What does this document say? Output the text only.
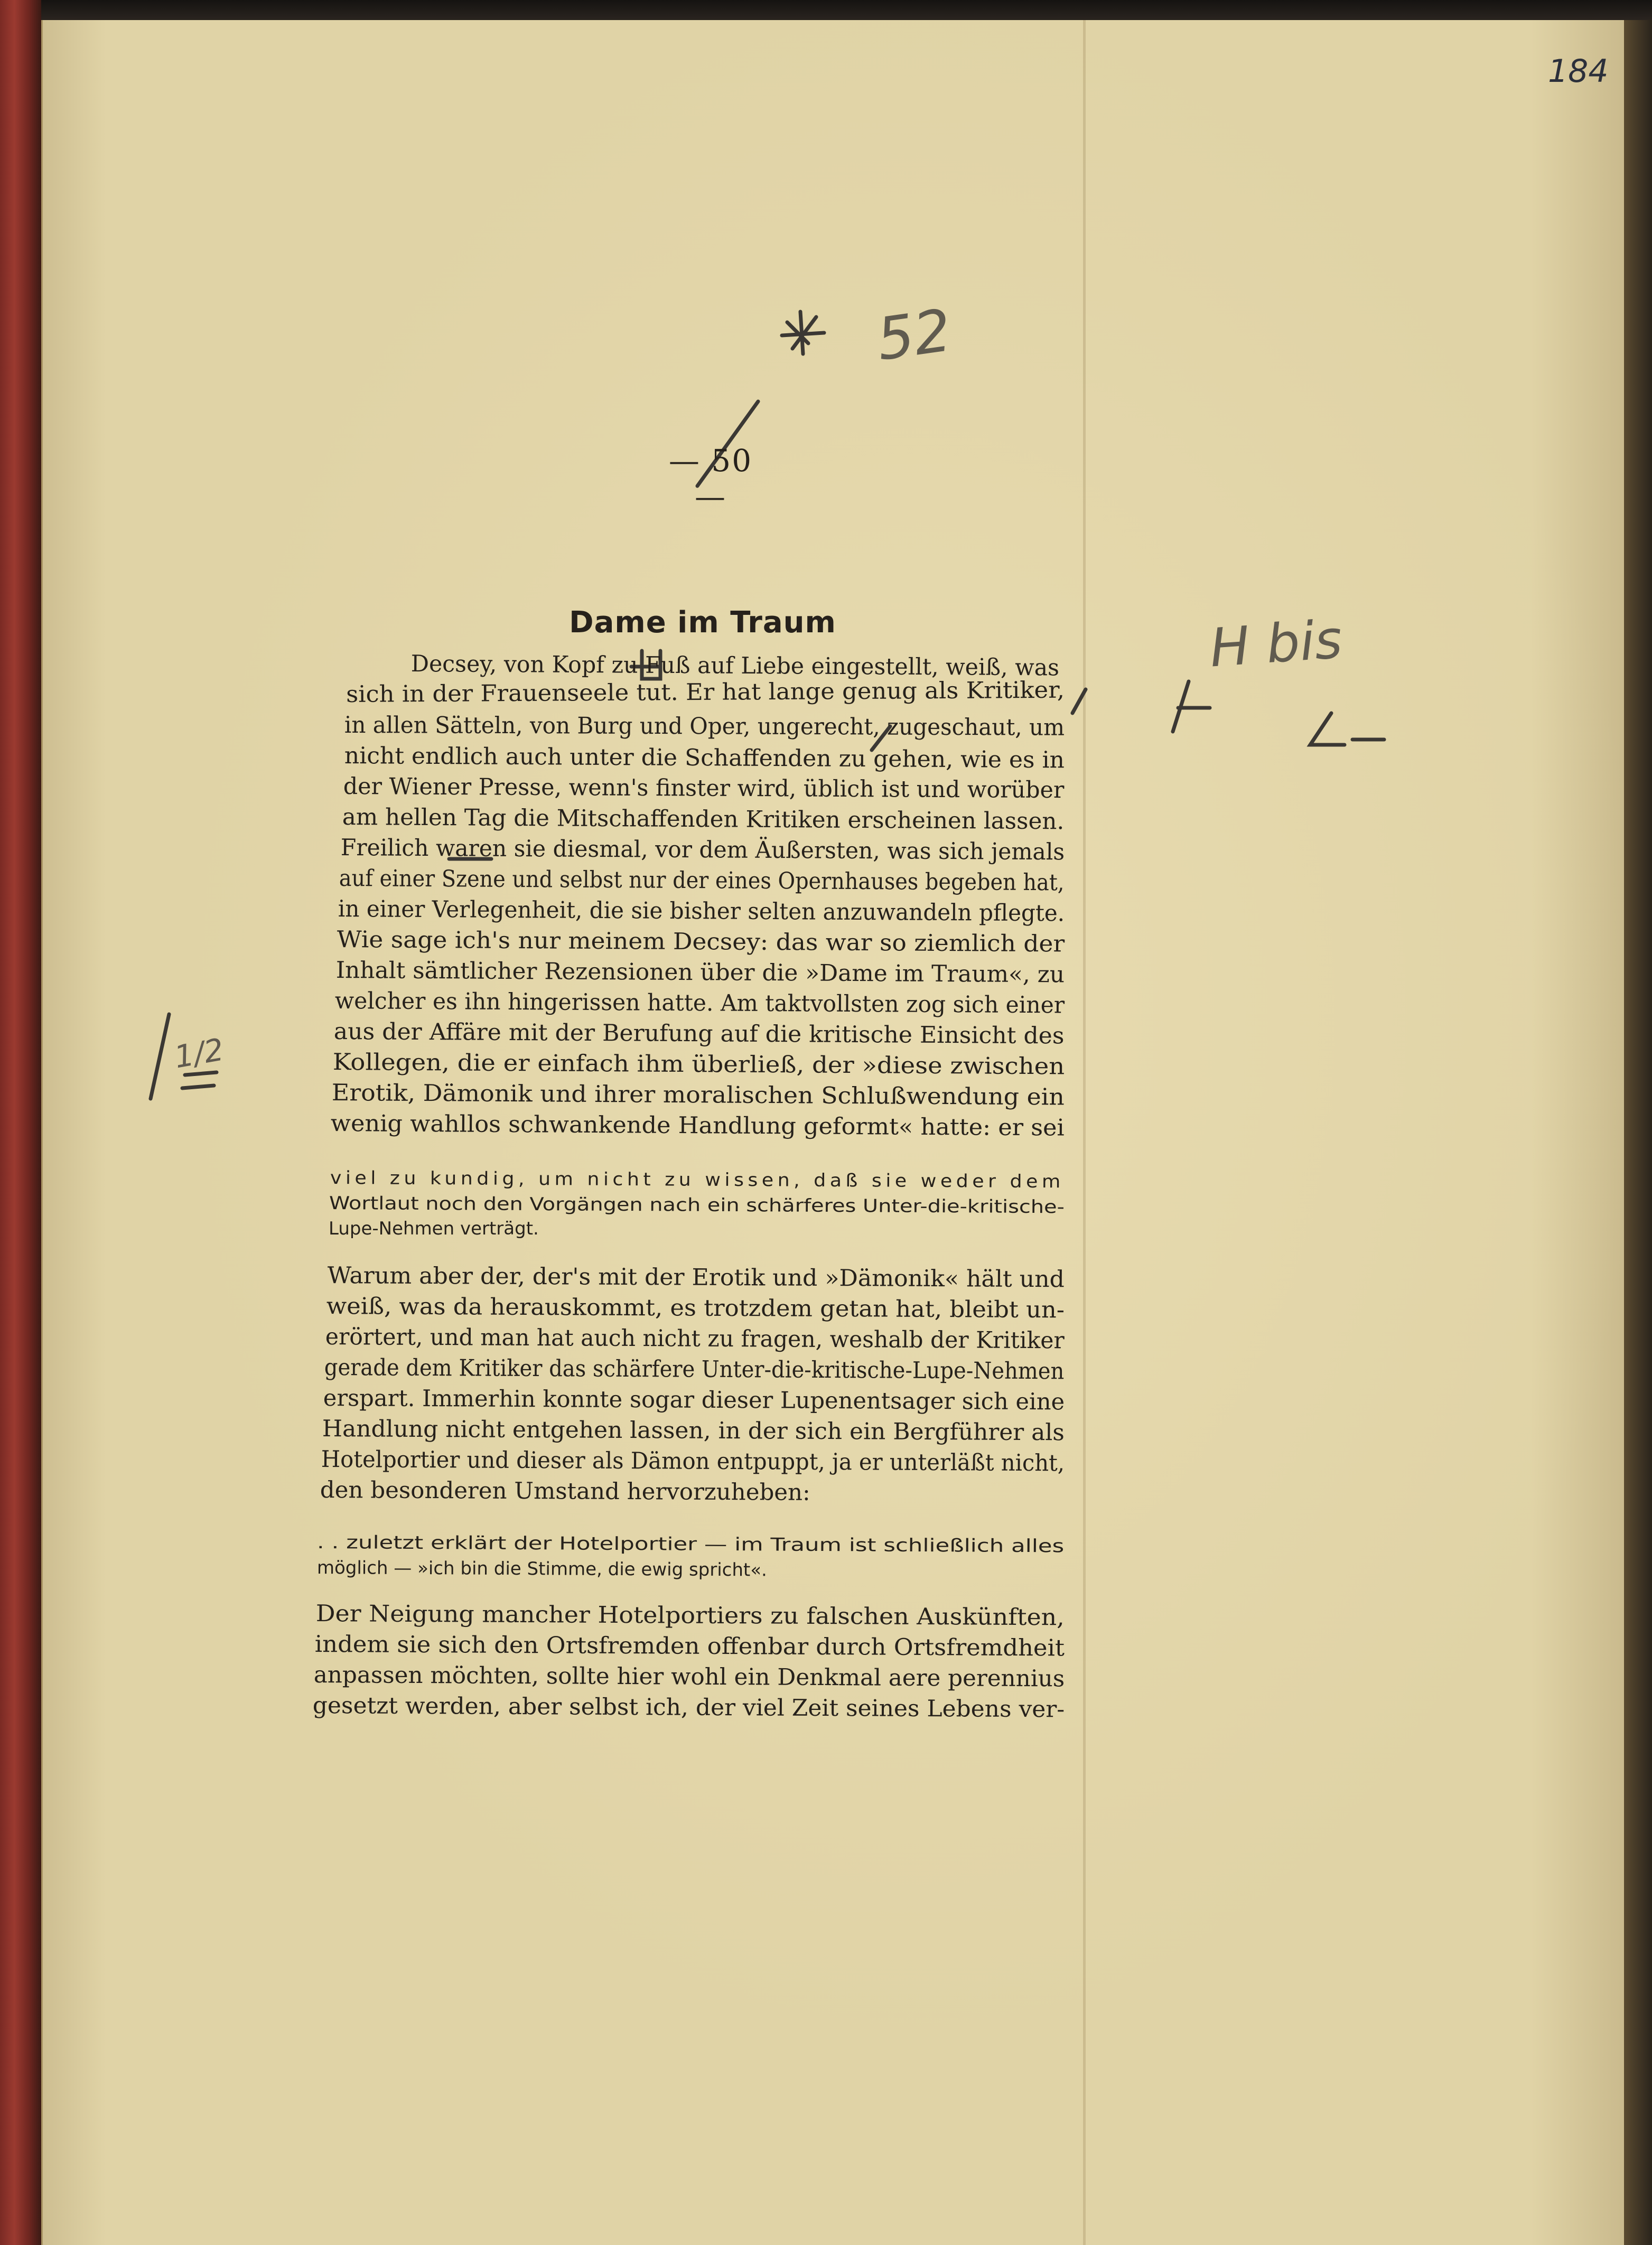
184
52
H bis
1/2
— 50 —
Dame im Traum
Decsey, von Kopf zu Fuß auf Liebe eingestellt, weiß, was
sich in der Frauenseele tut. Er hat lange genug als Kritiker,
in allen Sätteln, von Burg und Oper, ungerecht, zugeschaut, um
nicht endlich auch unter die Schaffenden zu gehen, wie es in
der Wiener Presse, wenn's finster wird, üblich ist und worüber
am hellen Tag die Mitschaffenden Kritiken erscheinen lassen.
Freilich waren sie diesmal, vor dem Äußersten, was sich jemals
auf einer Szene und selbst nur der eines Opernhauses begeben hat,
in einer Verlegenheit, die sie bisher selten anzuwandeln pflegte.
Wie sage ich's nur meinem Decsey: das war so ziemlich der
Inhalt sämtlicher Rezensionen über die »Dame im Traum«, zu
welcher es ihn hingerissen hatte. Am taktvollsten zog sich einer
aus der Affäre mit der Berufung auf die kritische Einsicht des
Kollegen, die er einfach ihm überließ, der »diese zwischen
Erotik, Dämonik und ihrer moralischen Schlußwendung ein
wenig wahllos schwankende Handlung geformt« hatte: er sei
viel zu kundig, um nicht zu wissen, daß sie weder dem
Wortlaut noch den Vorgängen nach ein schärferes Unter-die-kritische-
Lupe-Nehmen verträgt.
Warum aber der, der's mit der Erotik und »Dämonik« hält und
weiß, was da herauskommt, es trotzdem getan hat, bleibt un-
erörtert, und man hat auch nicht zu fragen, weshalb der Kritiker
gerade dem Kritiker das schärfere Unter-die-kritische-Lupe-Nehmen
erspart. Immerhin konnte sogar dieser Lupenentsager sich eine
Handlung nicht entgehen lassen, in der sich ein Bergführer als
Hotelportier und dieser als Dämon entpuppt, ja er unterläßt nicht,
den besonderen Umstand hervorzuheben:
. . zuletzt erklärt der Hotelportier — im Traum ist schließlich alles
möglich — »ich bin die Stimme, die ewig spricht«.
Der Neigung mancher Hotelportiers zu falschen Auskünften,
indem sie sich den Ortsfremden offenbar durch Ortsfremdheit
anpassen möchten, sollte hier wohl ein Denkmal aere perennius
gesetzt werden, aber selbst ich, der viel Zeit seines Lebens ver-
